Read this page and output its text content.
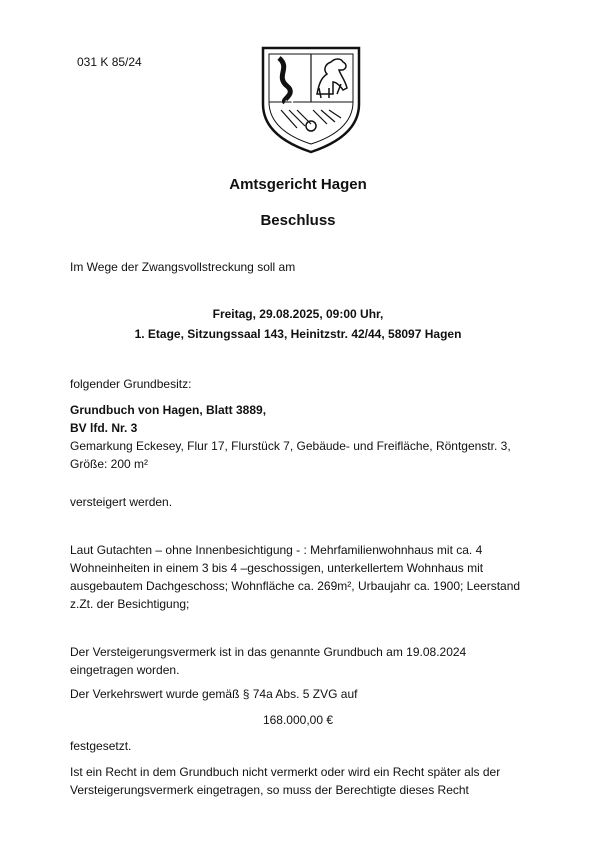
031 K 85/24
Amtsgericht Hagen
Beschluss
Im Wege der Zwangsvollstreckung soll am
Freitag, 29.08.2025, 09:00 Uhr,
1. Etage, Sitzungssaal 143, Heinitzstr. 42/44, 58097 Hagen
folgender Grundbesitz:
Grundbuch von Hagen, Blatt 3889,
BV lfd. Nr. 3
Gemarkung Eckesey, Flur 17, Flurstück 7, Gebäude- und Freifläche, Röntgenstr. 3,
Größe: 200 m²
versteigert werden.
Laut Gutachten – ohne Innenbesichtigung - : Mehrfamilienwohnhaus mit ca. 4
Wohneinheiten in einem 3 bis 4 –geschossigen, unterkellertem Wohnhaus mit
ausgebautem Dachgeschoss; Wohnfläche ca. 269m², Urbaujahr ca. 1900; Leerstand
z.Zt. der Besichtigung;
Der Versteigerungsvermerk ist in das genannte Grundbuch am 19.08.2024
eingetragen worden.
Der Verkehrswert wurde gemäß § 74a Abs. 5 ZVG auf
168.000,00 €
festgesetzt.
Ist ein Recht in dem Grundbuch nicht vermerkt oder wird ein Recht später als der
Versteigerungsvermerk eingetragen, so muss der Berechtigte dieses Recht
